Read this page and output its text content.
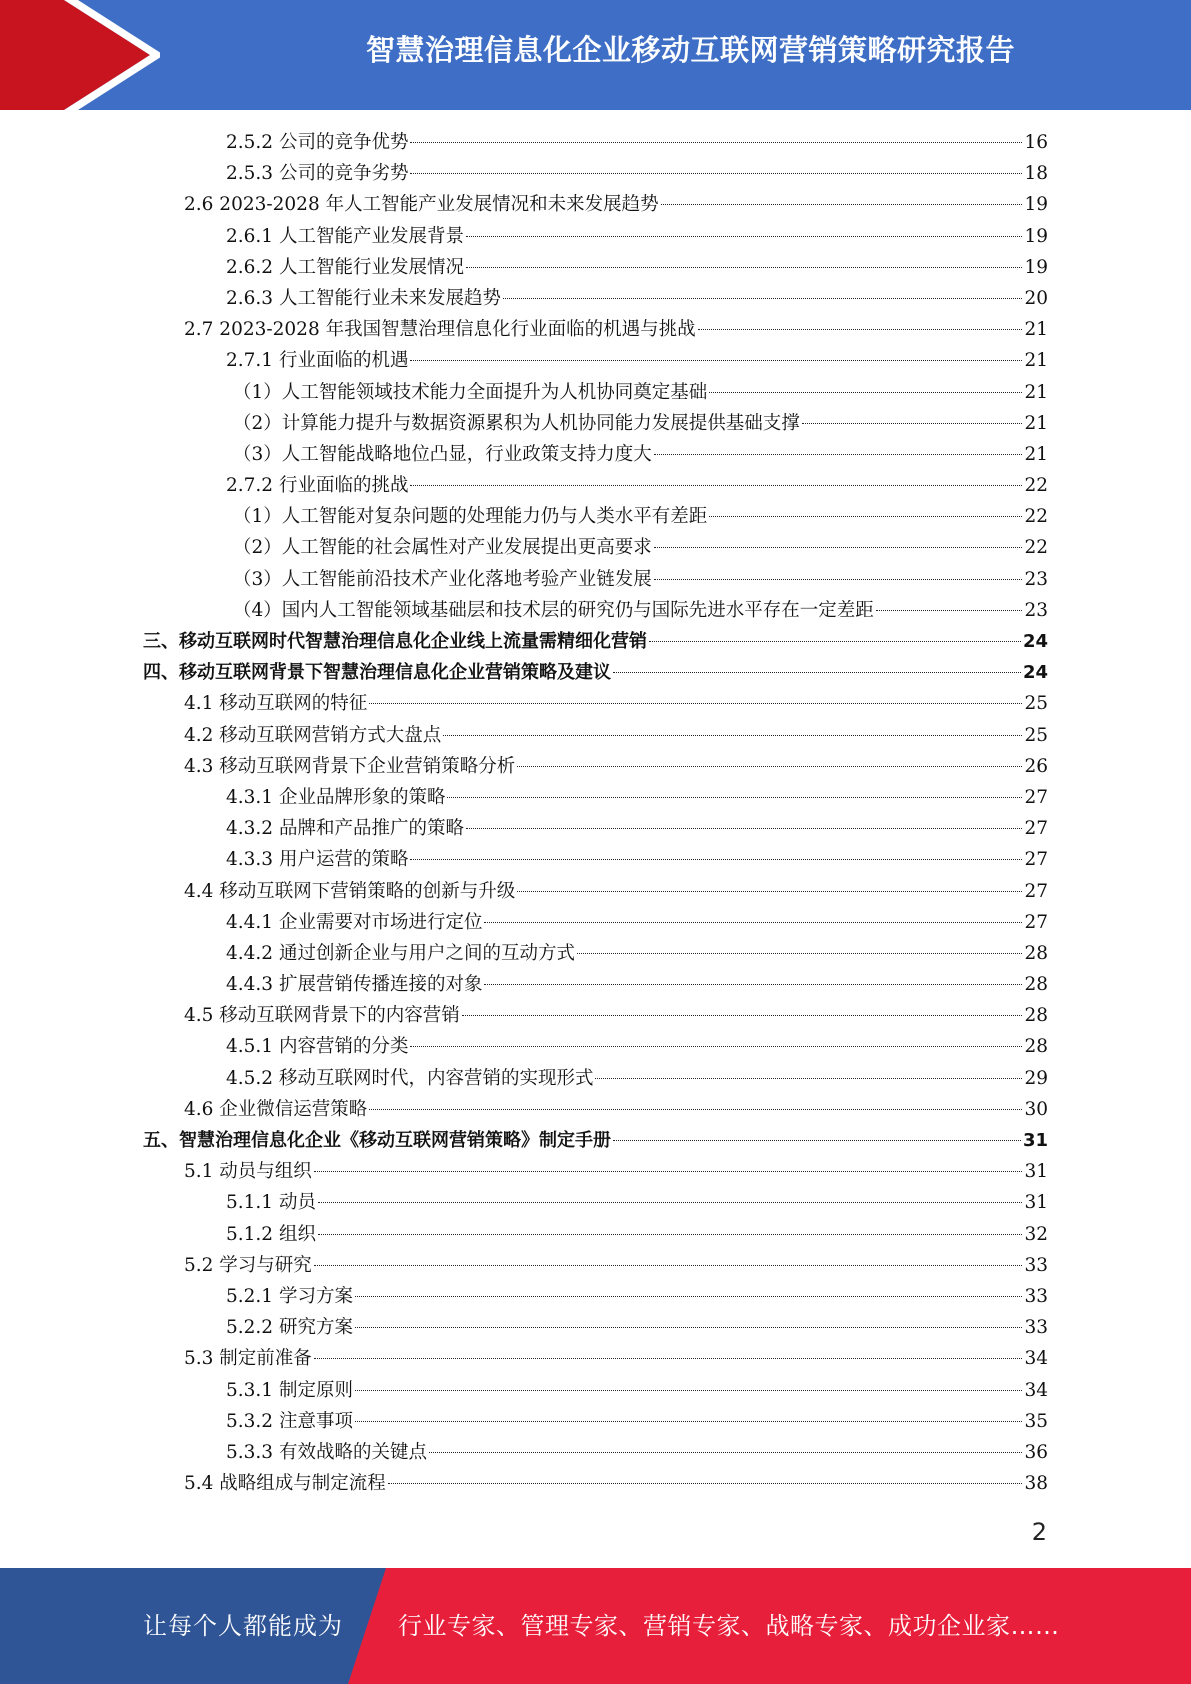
智慧治理信息化企业移动互联网营销策略研究报告
2.5.2 公司的竞争优势	16
2.5.3 公司的竞争劣势	18
2.6 2023-2028 年人工智能产业发展情况和未来发展趋势	19
2.6.1 人工智能产业发展背景	19
2.6.2 人工智能行业发展情况	19
2.6.3 人工智能行业未来发展趋势	20
2.7 2023-2028 年我国智慧治理信息化行业面临的机遇与挑战	21
2.7.1 行业面临的机遇	21
（1）人工智能领域技术能力全面提升为人机协同奠定基础	21
（2）计算能力提升与数据资源累积为人机协同能力发展提供基础支撑	21
（3）人工智能战略地位凸显，行业政策支持力度大	21
2.7.2 行业面临的挑战	22
（1）人工智能对复杂问题的处理能力仍与人类水平有差距	22
（2）人工智能的社会属性对产业发展提出更高要求	22
（3）人工智能前沿技术产业化落地考验产业链发展	23
（4）国内人工智能领域基础层和技术层的研究仍与国际先进水平存在一定差距	23
三、移动互联网时代智慧治理信息化企业线上流量需精细化营销	24
四、移动互联网背景下智慧治理信息化企业营销策略及建议	24
4.1 移动互联网的特征	25
4.2 移动互联网营销方式大盘点	25
4.3 移动互联网背景下企业营销策略分析	26
4.3.1 企业品牌形象的策略	27
4.3.2 品牌和产品推广的策略	27
4.3.3 用户运营的策略	27
4.4 移动互联网下营销策略的创新与升级	27
4.4.1 企业需要对市场进行定位	27
4.4.2 通过创新企业与用户之间的互动方式	28
4.4.3 扩展营销传播连接的对象	28
4.5 移动互联网背景下的内容营销	28
4.5.1 内容营销的分类	28
4.5.2 移动互联网时代，内容营销的实现形式	29
4.6 企业微信运营策略	30
五、智慧治理信息化企业《移动互联网营销策略》制定手册	31
5.1 动员与组织	31
5.1.1 动员	31
5.1.2 组织	32
5.2 学习与研究	33
5.2.1 学习方案	33
5.2.2 研究方案	33
5.3 制定前准备	34
5.3.1 制定原则	34
5.3.2 注意事项	35
5.3.3 有效战略的关键点	36
5.4 战略组成与制定流程	38
2
让每个人都能成为 行业专家、管理专家、营销专家、战略专家、成功企业家……
